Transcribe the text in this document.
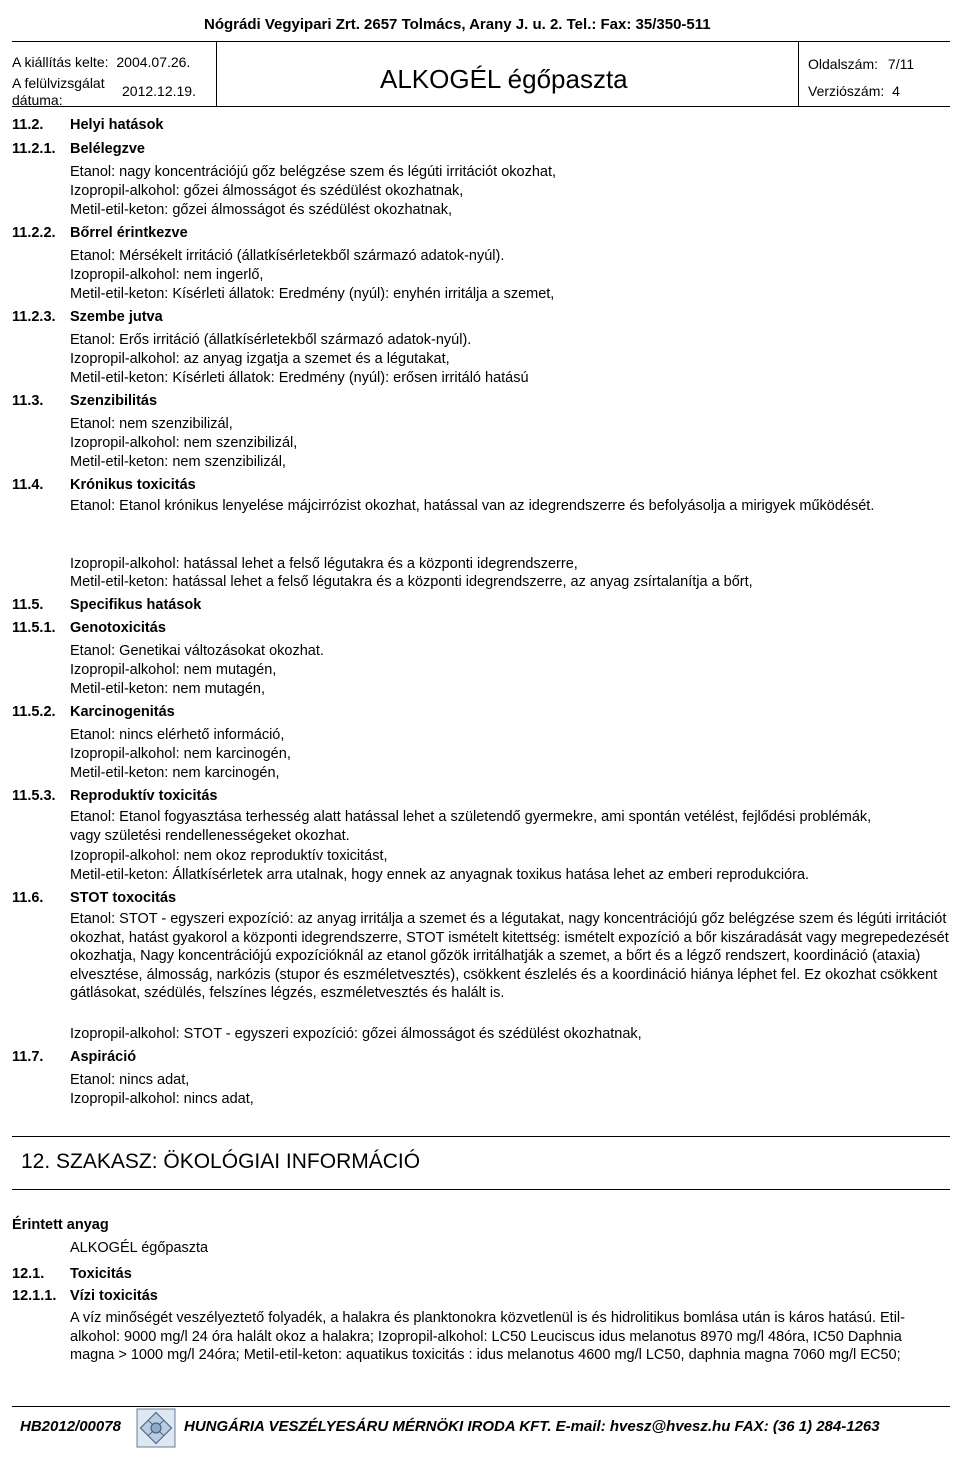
Nógrádi Vegyipari Zrt. 2657 Tolmács, Arany J. u. 2. Tel.: Fax: 35/350-511
A kiállítás kelte: 2004.07.26.
A felülvizsgálat
dátuma:
2012.12.19.	ALKOGÉL égőpaszta	Oldalszám: 7/11
Verziószám: 4
11.2. Helyi hatások
11.2.1. Belélegzve
Etanol: nagy koncentrációjú gőz belégzése szem és légúti irritációt okozhat,
Izopropil-alkohol: gőzei álmosságot és szédülést okozhatnak,
Metil-etil-keton: gőzei álmosságot és szédülést okozhatnak,
11.2.2. Bőrrel érintkezve
Etanol: Mérsékelt irritáció (állatkísérletekből származó adatok-nyúl).
Izopropil-alkohol: nem ingerlő,
Metil-etil-keton: Kísérleti állatok: Eredmény (nyúl): enyhén irritálja a szemet,
11.2.3. Szembe jutva
Etanol: Erős irritáció (állatkísérletekből származó adatok-nyúl).
Izopropil-alkohol: az anyag izgatja a szemet és a légutakat,
Metil-etil-keton: Kísérleti állatok: Eredmény (nyúl): erősen irritáló hatású
11.3. Szenzibilitás
Etanol: nem szenzibilizál,
Izopropil-alkohol: nem szenzibilizál,
Metil-etil-keton: nem szenzibilizál,
11.4. Krónikus toxicitás
Etanol: Etanol krónikus lenyelése májcirrózist okozhat, hatással van az idegrendszerre és befolyásolja a mirigyek működését.
Izopropil-alkohol: hatással lehet a felső légutakra és a központi idegrendszerre,
Metil-etil-keton: hatással lehet a felső légutakra és a központi idegrendszerre, az anyag zsírtalanítja a bőrt,
11.5. Specifikus hatások
11.5.1. Genotoxicitás
Etanol: Genetikai változásokat okozhat.
Izopropil-alkohol: nem mutagén,
Metil-etil-keton: nem mutagén,
11.5.2. Karcinogenitás
Etanol: nincs elérhető információ,
Izopropil-alkohol: nem karcinogén,
Metil-etil-keton: nem karcinogén,
11.5.3. Reproduktív toxicitás
Etanol: Etanol fogyasztása terhesség alatt hatással lehet a születendő gyermekre, ami spontán vetélést, fejlődési problémák, vagy születési rendellenességeket okozhat.
Izopropil-alkohol: nem okoz reproduktív toxicitást,
Metil-etil-keton: Állatkísérletek arra utalnak, hogy ennek az anyagnak toxikus hatása lehet az emberi reprodukcióra.
11.6. STOT toxocitás
Etanol: STOT - egyszeri expozíció: az anyag irritálja a szemet és a légutakat, nagy koncentrációjú gőz belégzése szem és légúti irritációt okozhat, hatást gyakorol a központi idegrendszerre, STOT ismételt kitettség: ismételt expozíció a bőr kiszáradását vagy megrepedezését okozhatja, Nagy koncentrációjú expozícióknál az etanol gőzök irritálhatják a szemet, a bőrt és a légző rendszert, koordináció (ataxia) elvesztése, álmosság, narkózis (stupor és eszméletvesztés), csökkent észlelés és a koordináció hiánya léphet fel. Ez okozhat csökkent gátlásokat, szédülés, felszínes légzés, eszméletvesztés és halált is.
Izopropil-alkohol: STOT - egyszeri expozíció: gőzei álmosságot és szédülést okozhatnak,
11.7. Aspiráció
Etanol: nincs adat,
Izopropil-alkohol: nincs adat,
12. SZAKASZ: ÖKOLÓGIAI INFORMÁCIÓ
Érintett anyag
ALKOGÉL égőpaszta
12.1. Toxicitás
12.1.1. Vízi toxicitás
A víz minőségét veszélyeztető folyadék, a halakra és planktonokra közvetlenül is és hidrolitikus bomlása után is káros hatású. Etil-alkohol: 9000 mg/l 24 óra halált okoz a halakra; Izopropil-alkohol: LC50 Leuciscus idus melanotus 8970 mg/l 48óra, IC50 Daphnia magna > 1000 mg/l 24óra; Metil-etil-keton: aquatikus toxicitás : idus melanotus 4600 mg/l LC50, daphnia magna 7060 mg/l EC50;
HB2012/00078	HUNGÁRIA VESZÉLYESÁRU MÉRNÖKI IRODA KFT. E-mail: hvesz@hvesz.hu FAX: (36 1) 284-1263
